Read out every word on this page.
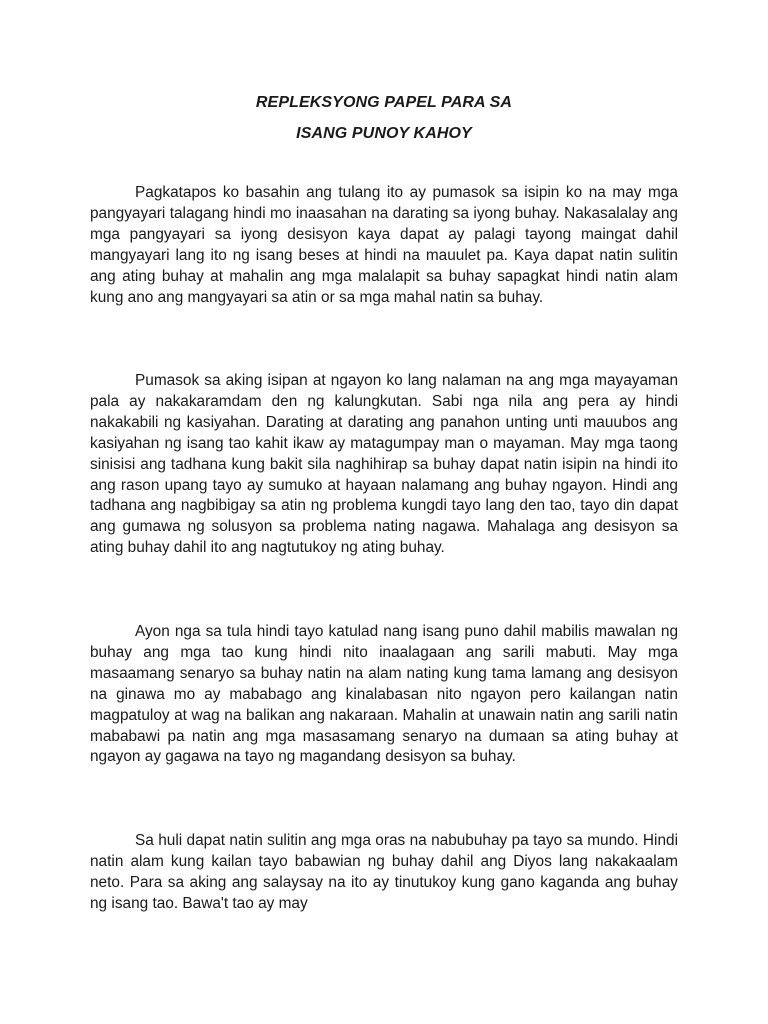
REPLEKSYONG PAPEL PARA SA
ISANG PUNOY KAHOY

Pagkatapos ko basahin ang tulang ito ay pumasok sa isipin ko na may mga pangyayari talagang hindi mo inaasahan na darating sa iyong buhay. Nakasalalay ang mga pangyayari sa iyong desisyon kaya dapat ay palagi tayong maingat dahil mangyayari lang ito ng isang beses at hindi na mauulet pa. Kaya dapat natin sulitin ang ating buhay at mahalin ang mga malalapit sa buhay sapagkat hindi natin alam kung ano ang mangyayari sa atin or sa mga mahal natin sa buhay.

Pumasok sa aking isipan at ngayon ko lang nalaman na ang mga mayayaman pala ay nakakaramdam den ng kalungkutan. Sabi nga nila ang pera ay hindi nakakabili ng kasiyahan. Darating at darating ang panahon unting unti mauubos ang kasiyahan ng isang tao kahit ikaw ay matagumpay man o mayaman. May mga taong sinisisi ang tadhana kung bakit sila naghihirap sa buhay dapat natin isipin na hindi ito ang rason upang tayo ay sumuko at hayaan nalamang ang buhay ngayon. Hindi ang tadhana ang nagbibigay sa atin ng problema kungdi tayo lang den tao, tayo din dapat ang gumawa ng solusyon sa problema nating nagawa. Mahalaga ang desisyon sa ating buhay dahil ito ang nagtutukoy ng ating buhay.

Ayon nga sa tula hindi tayo katulad nang isang puno dahil mabilis mawalan ng buhay ang mga tao kung hindi nito inaalagaan ang sarili mabuti. May mga masaamang senaryo sa buhay natin na alam nating kung tama lamang ang desisyon na ginawa mo ay mababago ang kinalabasan nito ngayon pero kailangan natin magpatuloy at wag na balikan ang nakaraan. Mahalin at unawain natin ang sarili natin mababawi pa natin ang mga masasamang senaryo na dumaan sa ating buhay at ngayon ay gagawa na tayo ng magandang desisyon sa buhay.

Sa huli dapat natin sulitin ang mga oras na nabubuhay pa tayo sa mundo. Hindi natin alam kung kailan tayo babawian ng buhay dahil ang Diyos lang nakakaalam neto. Para sa aking ang salaysay na ito ay tinutukoy kung gano kaganda ang buhay ng isang tao. Bawa't tao ay may
